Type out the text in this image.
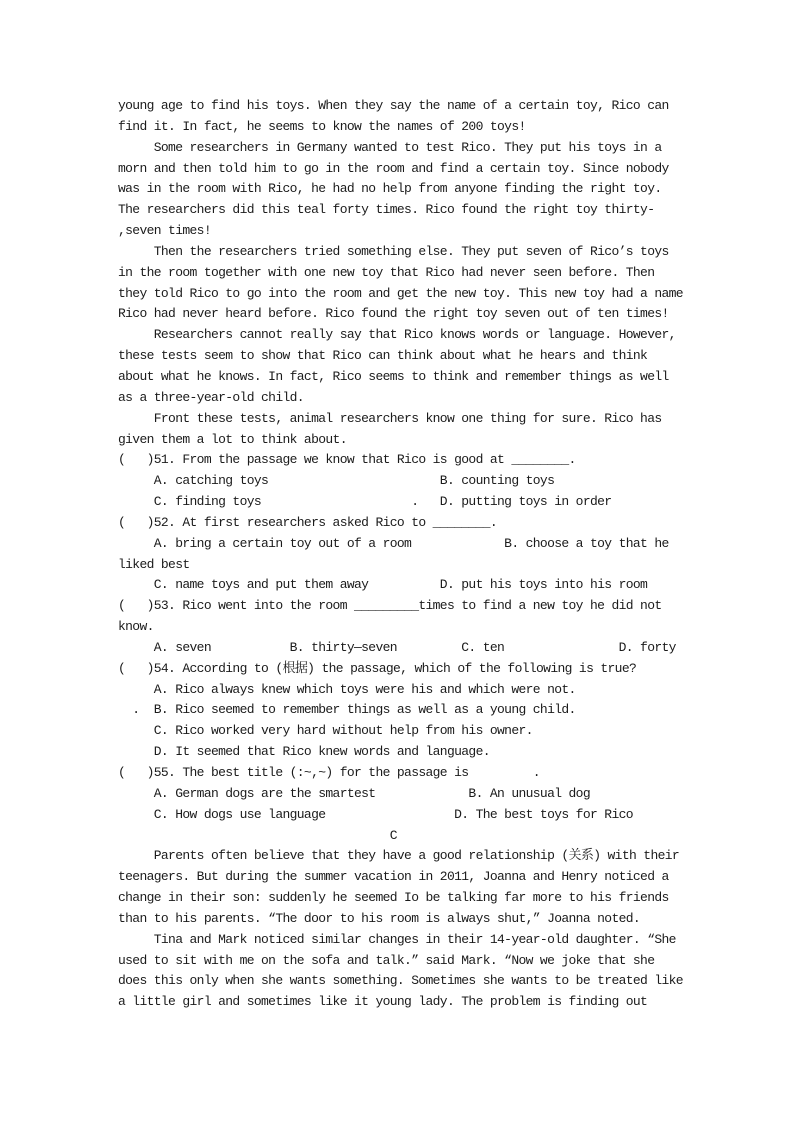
young age to find his toys. When they say the name of a certain toy, Rico can
find it. In fact, he seems to know the names of 200 toys!
Some researchers in Germany wanted to test Rico. They put his toys in a
morn and then told him to go in the room and find a certain toy. Since nobody
was in the room with Rico, he had no help from anyone finding the right toy.
The researchers did this teal forty times. Rico found the right toy thirty-
,seven times!
Then the researchers tried something else. They put seven of Rico’s toys
in the room together with one new toy that Rico had never seen before. Then
they told Rico to go into the room and get the new toy. This new toy had a name
Rico had never heard before. Rico found the right toy seven out of ten times!
Researchers cannot really say that Rico knows words or language. However,
these tests seem to show that Rico can think about what he hears and think
about what he knows. In fact, Rico seems to think and remember things as well
as a three-year-old child.
Front these tests, animal researchers know one thing for sure. Rico has
given them a lot to think about.
(   )51. From the passage we know that Rico is good at ________.
A. catching toys                        B. counting toys
C. finding toys                     .   D. putting toys in order
(   )52. At first researchers asked Rico to ________.
A. bring a certain toy out of a room             B. choose a toy that he
liked best
C. name toys and put them away          D. put his toys into his room
(   )53. Rico went into the room _________times to find a new toy he did not
know.
A. seven           B. thirty—seven         C. ten                D. forty
(   )54. According to (根据) the passage, which of the following is true?
A. Rico always knew which toys were his and which were not.
.  B. Rico seemed to remember things as well as a young child.
C. Rico worked very hard without help from his owner.
D. It seemed that Rico knew words and language.
(   )55. The best title (:~,~) for the passage is         .
A. German dogs are the smartest             B. An unusual dog
C. How dogs use language                  D. The best toys for Rico
C
Parents often believe that they have a good relationship (关系) with their
teenagers. But during the summer vacation in 2011, Joanna and Henry noticed a
change in their son: suddenly he seemed Io be talking far more to his friends
than to his parents. “The door to his room is always shut,” Joanna noted.
Tina and Mark noticed similar changes in their 14-year-old daughter. “She
used to sit with me on the sofa and talk.” said Mark. “Now we joke that she
does this only when she wants something. Sometimes she wants to be treated like
a little girl and sometimes like it young lady. The problem is finding out
